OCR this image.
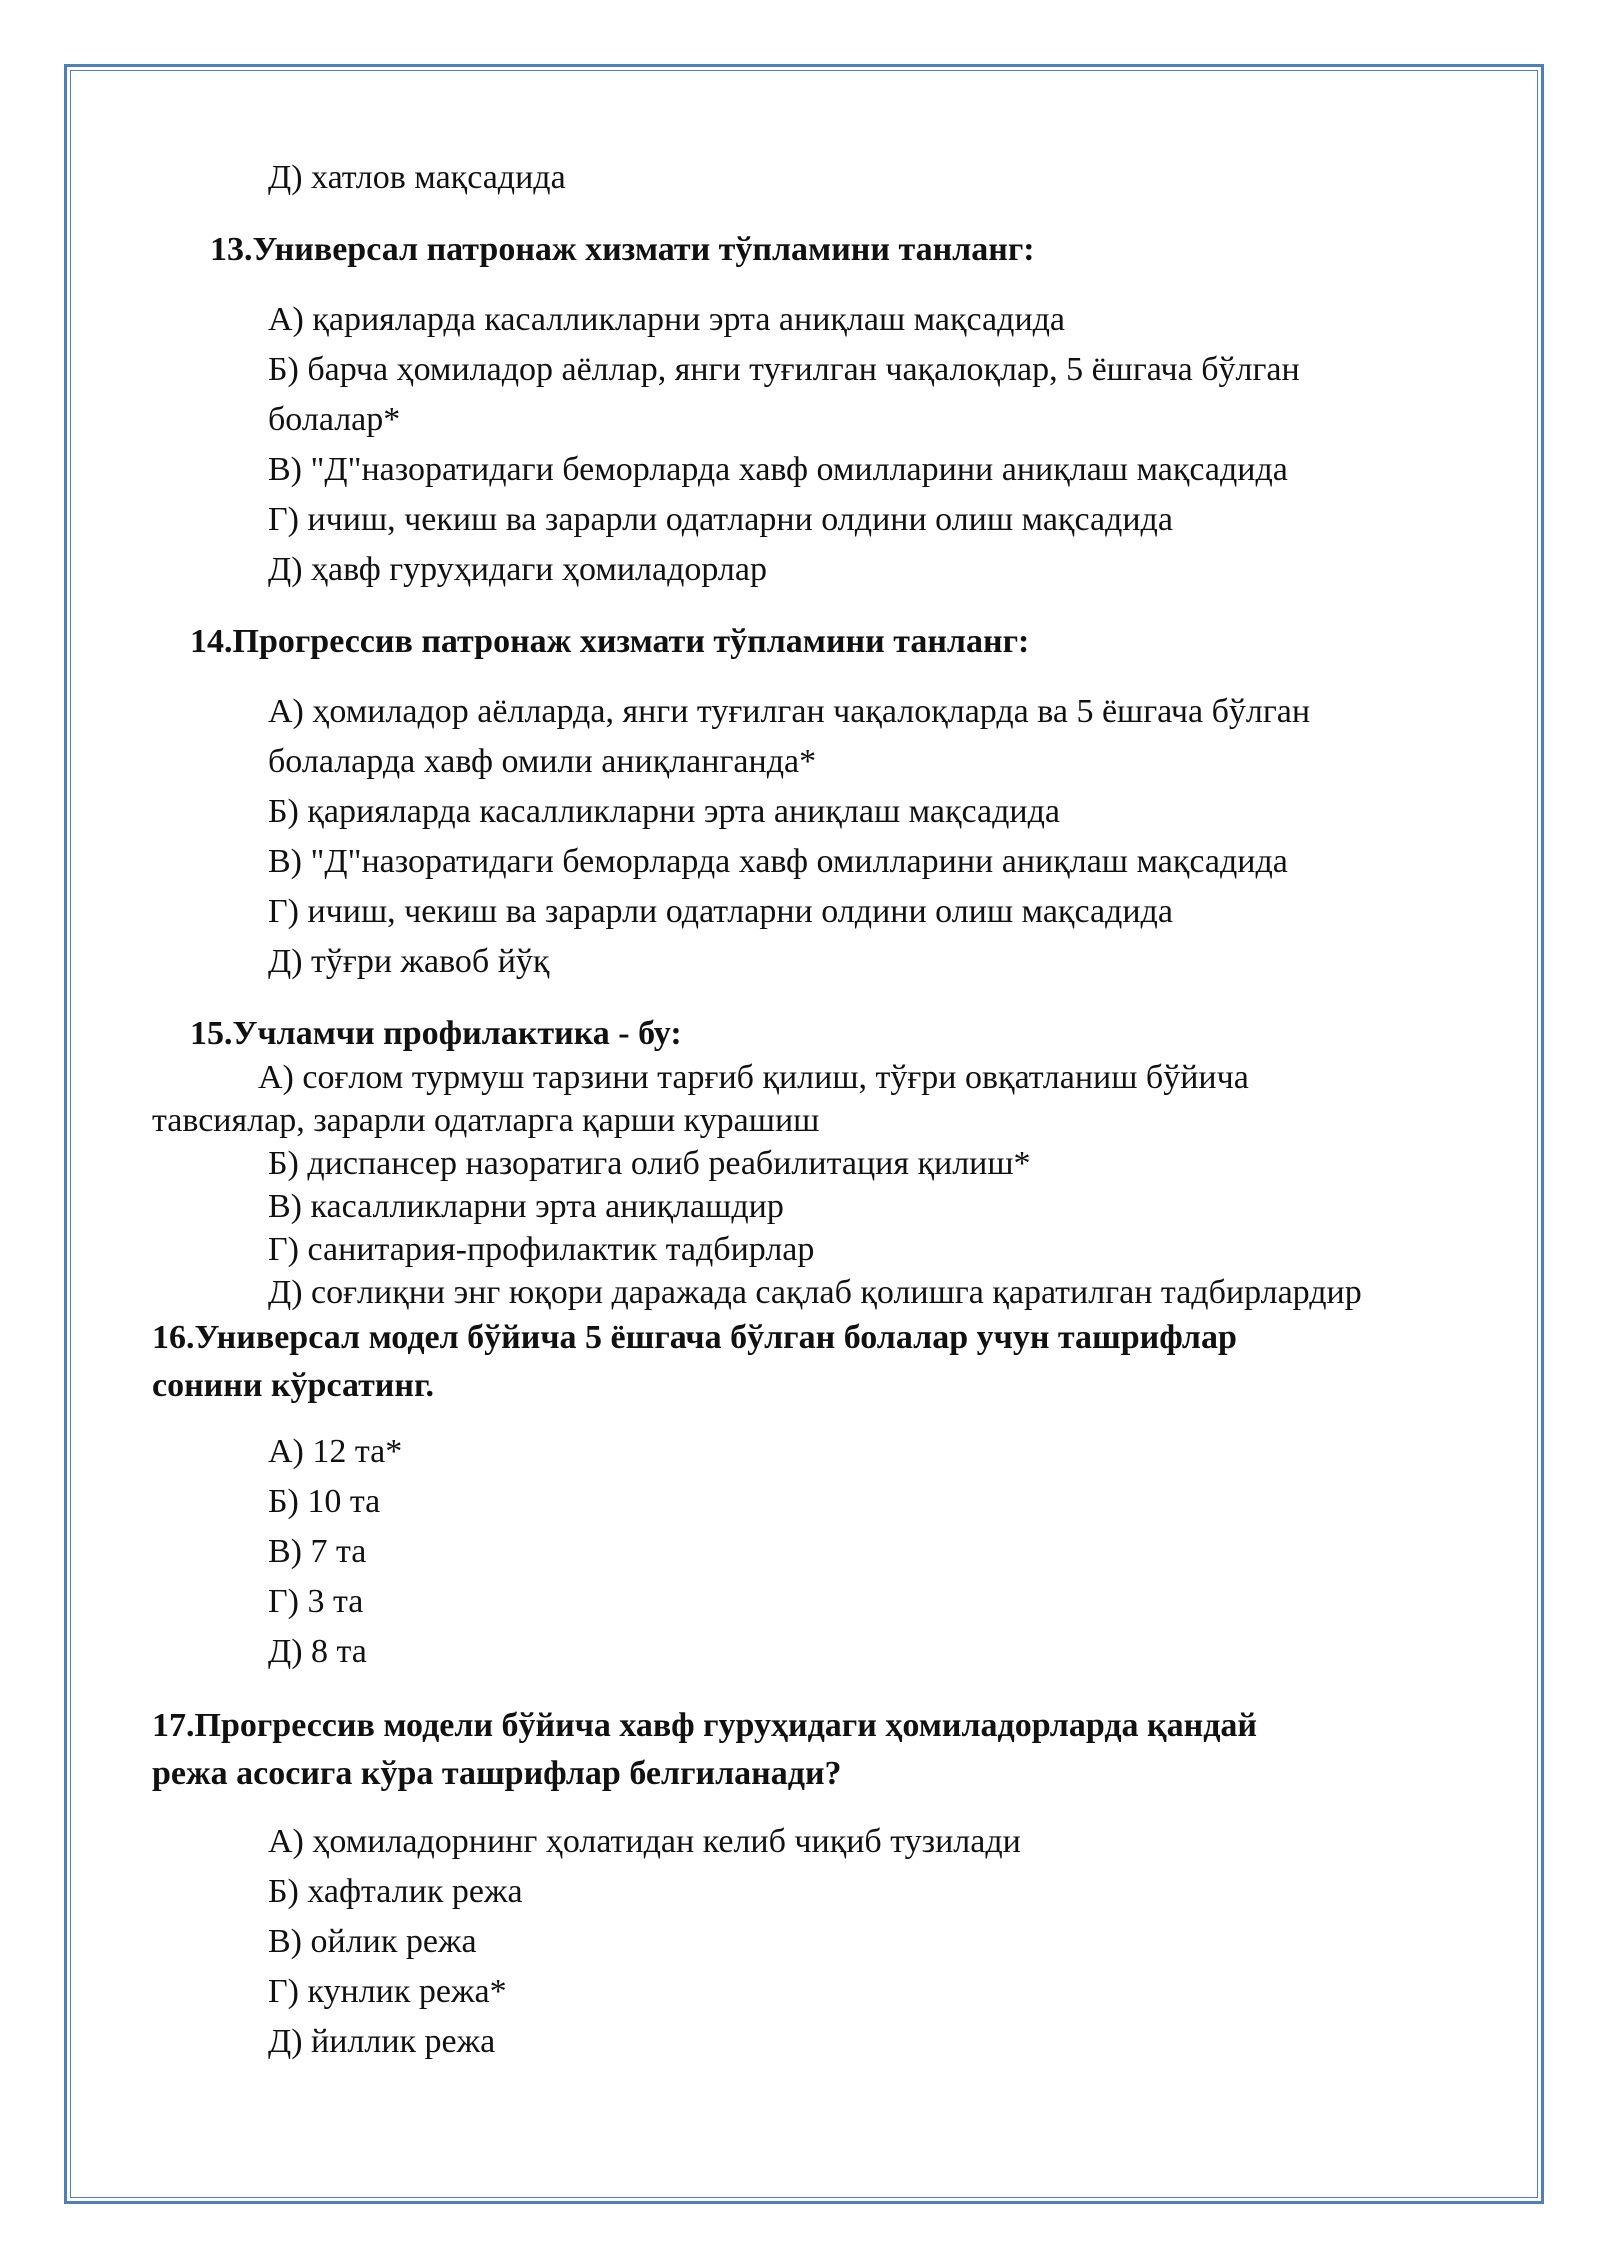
Д) хатлов мақсадида
13.Универсал патронаж хизмати тўпламини танланг:
А) қарияларда касалликларни эрта аниқлаш мақсадида
Б) барча ҳомиладор аёллар, янги туғилган чақалоқлар, 5 ёшгача бўлган
болалар*
В) "Д"назоратидаги беморларда хавф омилларини аниқлаш мақсадида
Г) ичиш, чекиш ва зарарли одатларни олдини олиш мақсадида
Д) ҳавф гуруҳидаги ҳомиладорлар
14.Прогрессив патронаж хизмати тўпламини танланг:
А) ҳомиладор аёлларда, янги туғилган чақалоқларда ва 5 ёшгача бўлган
болаларда хавф омили аниқланганда*
Б) қарияларда касалликларни эрта аниқлаш мақсадида
В) "Д"назоратидаги беморларда хавф омилларини аниқлаш мақсадида
Г) ичиш, чекиш ва зарарли одатларни олдини олиш мақсадида
Д) тўғри жавоб йўқ
15.Учламчи профилактика - бу:
А) соғлом турмуш тарзини тарғиб қилиш, тўғри овқатланиш бўйича
тавсиялар, зарарли одатларга қарши курашиш
Б) диспансер назоратига олиб реабилитация қилиш*
В) касалликларни эрта аниқлашдир
Г) санитария-профилактик тадбирлар
Д) соғлиқни энг юқори даражада сақлаб қолишга қаратилган тадбирлардир
16.Универсал модел бўйича 5 ёшгача бўлган болалар учун ташрифлар
сонини кўрсатинг.
А) 12 та*
Б) 10 та
В) 7 та
Г) 3 та
Д) 8 та
17.Прогрессив модели бўйича хавф гуруҳидаги ҳомиладорларда қандай
режа асосига кўра ташрифлар белгиланади?
А) ҳомиладорнинг ҳолатидан келиб чиқиб тузилади
Б) хафталик режа
В) ойлик режа
Г) кунлик режа*
Д) йиллик режа
